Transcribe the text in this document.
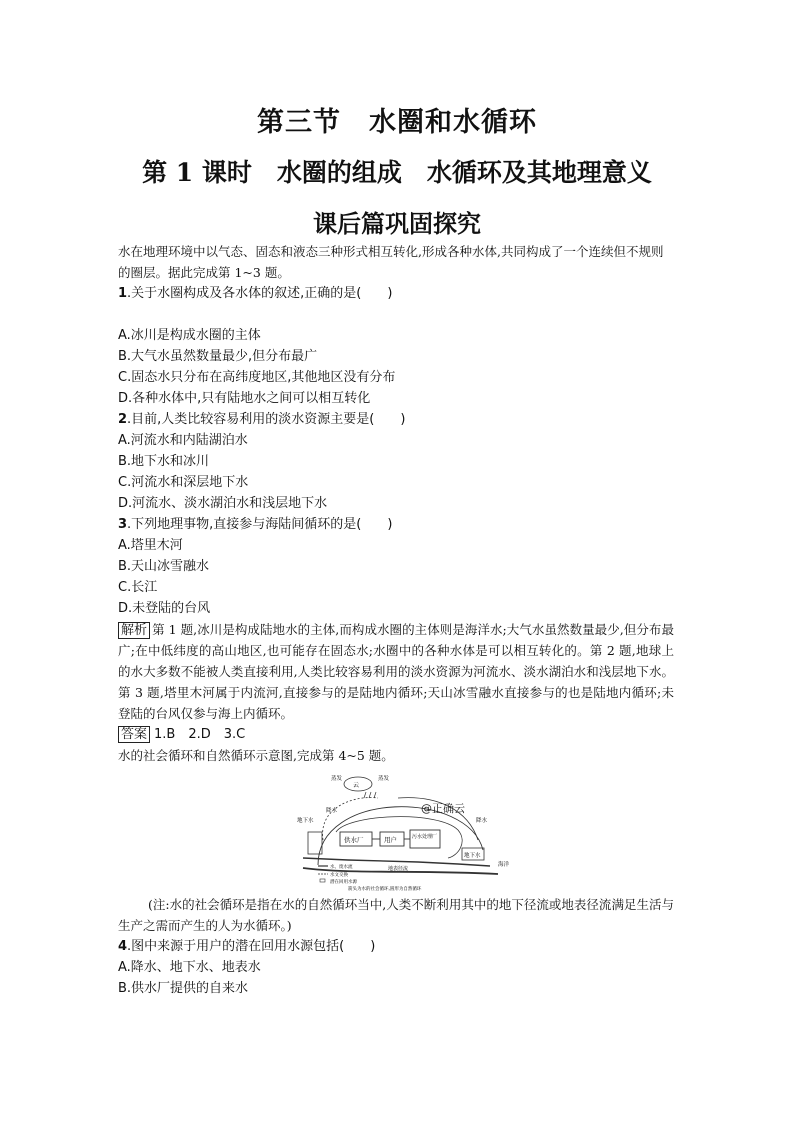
第三节　水圈和水循环
第 1 课时　水圈的组成　水循环及其地理意义
课后篇巩固探究

水在地理环境中以气态、固态和液态三种形式相互转化,形成各种水体,共同构成了一个连续但不规则的圈层。据此完成第 1~3 题。

1.关于水圈构成及各水体的叙述,正确的是(　　)

A.冰川是构成水圈的主体

B.大气水虽然数量最少,但分布最广

C.固态水只分布在高纬度地区,其他地区没有分布

D.各种水体中,只有陆地水之间可以相互转化

2.目前,人类比较容易利用的淡水资源主要是(　　)

A.河流水和内陆湖泊水

B.地下水和冰川

C.河流水和深层地下水

D.河流水、淡水湖泊水和浅层地下水

3.下列地理事物,直接参与海陆间循环的是(　　)

A.塔里木河

B.天山冰雪融水

C.长江

D.未登陆的台风

解析 第 1 题,冰川是构成陆地水的主体,而构成水圈的主体则是海洋水;大气水虽然数量最少,但分布最广;在中低纬度的高山地区,也可能存在固态水;水圈中的各种水体是可以相互转化的。第 2 题,地球上的水大多数不能被人类直接利用,人类比较容易利用的淡水资源为河流水、淡水湖泊水和浅层地下水。第 3 题,塔里木河属于内流河,直接参与的是陆地内循环;天山冰雪融水直接参与的也是陆地内循环;未登陆的台风仅参与海上内循环。

答案 1.B　2.D　3.C

水的社会循环和自然循环示意图,完成第 4~5 题。

云
蒸发	蒸发
降水
降水
@正确云
地下水
供水厂	用户	污水处理厂
地下水
地表径流
海洋
水、废水流
水文交换
潜在回用水源
箭头为水的社会循环,圆形为自然循环

(注:水的社会循环是指在水的自然循环当中,人类不断利用其中的地下径流或地表径流满足生活与生产之需而产生的人为水循环。)

4.图中来源于用户的潜在回用水源包括(　　)

A.降水、地下水、地表水

B.供水厂提供的自来水
